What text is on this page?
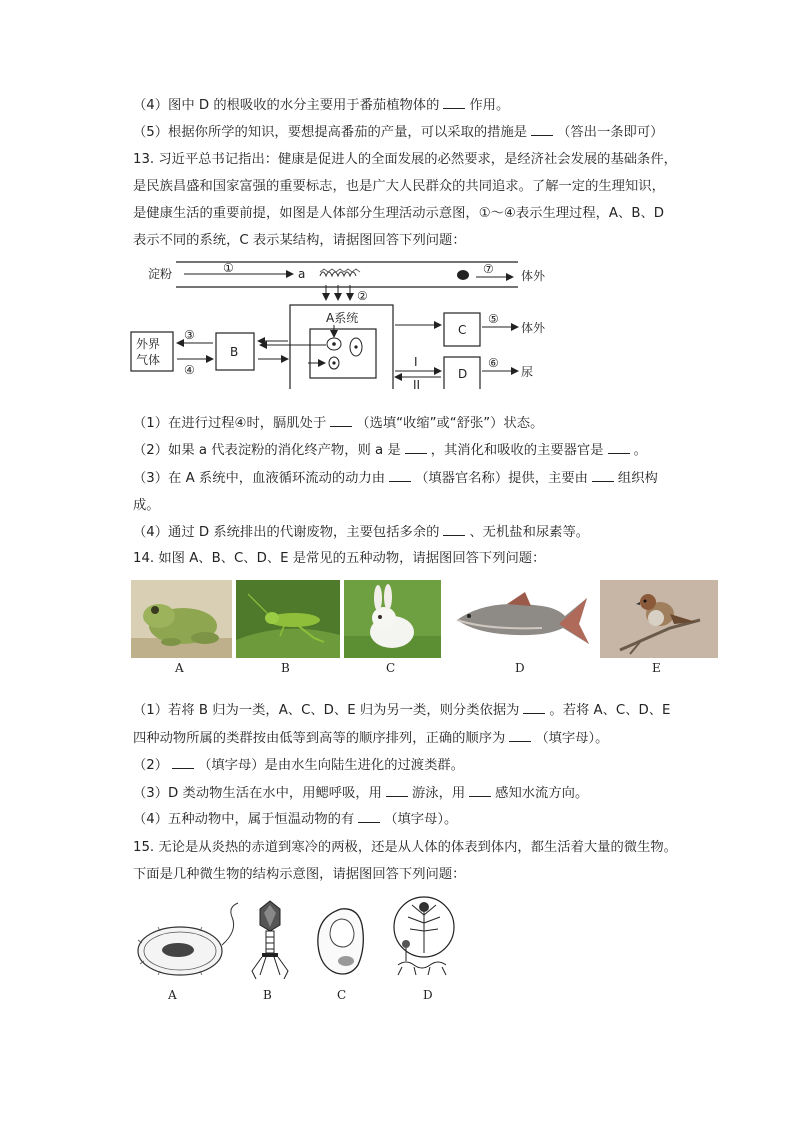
（4）图中 D 的根吸收的水分主要用于番茄植物体的 作用。
（5）根据你所学的知识，要想提高番茄的产量，可以采取的措施是 （答出一条即可）
13. 习近平总书记指出：健康是促进人的全面发展的必然要求，是经济社会发展的基础条件，
是民族昌盛和国家富强的重要标志，也是广大人民群众的共同追求。了解一定的生理知识，
是健康生活的重要前提，如图是人体部分生理活动示意图，①～④表示生理过程，A、B、D
表示不同的系统，C 表示某结构，请据图回答下列问题：
淀粉	①	a	⑦ 体外
②
A系统
外界
气体
③
④
B
C
⑤
体外
D
I
II
⑥
尿
（1）在进行过程④时，膈肌处于 （选填“收缩”或“舒张”）状态。
（2）如果 a 代表淀粉的消化终产物，则 a 是 ，其消化和吸收的主要器官是 。
（3）在 A 系统中，血液循环流动的动力由 （填器官名称）提供，主要由 组织构
成。
（4）通过 D 系统排出的代谢废物，主要包括多余的 、无机盐和尿素等。
14. 如图 A、B、C、D、E 是常见的五种动物，请据图回答下列问题：
A	B	C	D	E
（1）若将 B 归为一类，A、C、D、E 归为另一类，则分类依据为 。若将 A、C、D、E
四种动物所属的类群按由低等到高等的顺序排列，正确的顺序为 （填字母）。
（2） （填字母）是由水生向陆生进化的过渡类群。
（3）D 类动物生活在水中，用鳃呼吸，用 游泳，用 感知水流方向。
（4）五种动物中，属于恒温动物的有 （填字母）。
15. 无论是从炎热的赤道到寒冷的两极，还是从人体的体表到体内，都生活着大量的微生物。
下面是几种微生物的结构示意图，请据图回答下列问题：
A	B	C	D
